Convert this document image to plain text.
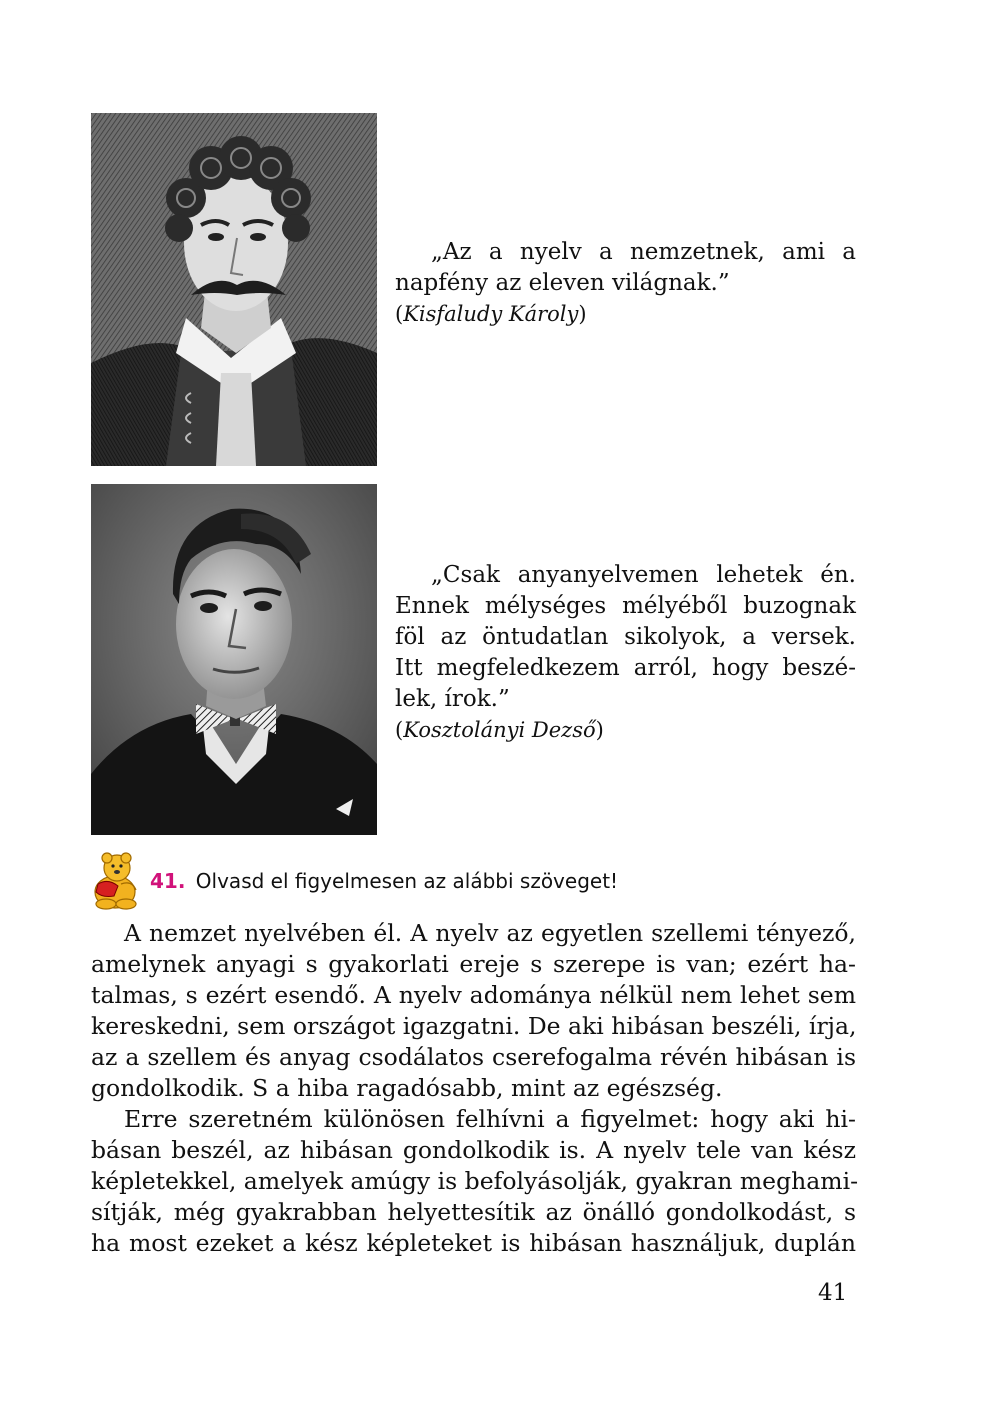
„Az a nyelv a nemzetnek, ami a
napfény az eleven világnak.”
(Kisfaludy Károly)
„Csak anyanyelvemen lehetek én.
Ennek mélységes mélyéből buzognak
föl az öntudatlan sikolyok, a versek.
Itt megfeledkezem arról, hogy beszé-
lek, írok.”
(Kosztolányi Dezső)
41. Olvasd el figyelmesen az alábbi szöveget!
A nemzet nyelvében él. A nyelv az egyetlen szellemi tényező,
amelynek anyagi s gyakorlati ereje s szerepe is van; ezért ha-
talmas, s ezért esendő. A nyelv adománya nélkül nem lehet sem
kereskedni, sem országot igazgatni. De aki hibásan beszéli, írja,
az a szellem és anyag csodálatos cserefogalma révén hibásan is
gondolkodik. S a hiba ragadósabb, mint az egészség.
Erre szeretném különösen felhívni a figyelmet: hogy aki hi-
básan beszél, az hibásan gondolkodik is. A nyelv tele van kész
képletekkel, amelyek amúgy is befolyásolják, gyakran meghami-
sítják, még gyakrabban helyettesítik az önálló gondolkodást, s
ha most ezeket a kész képleteket is hibásan használjuk, duplán
41
